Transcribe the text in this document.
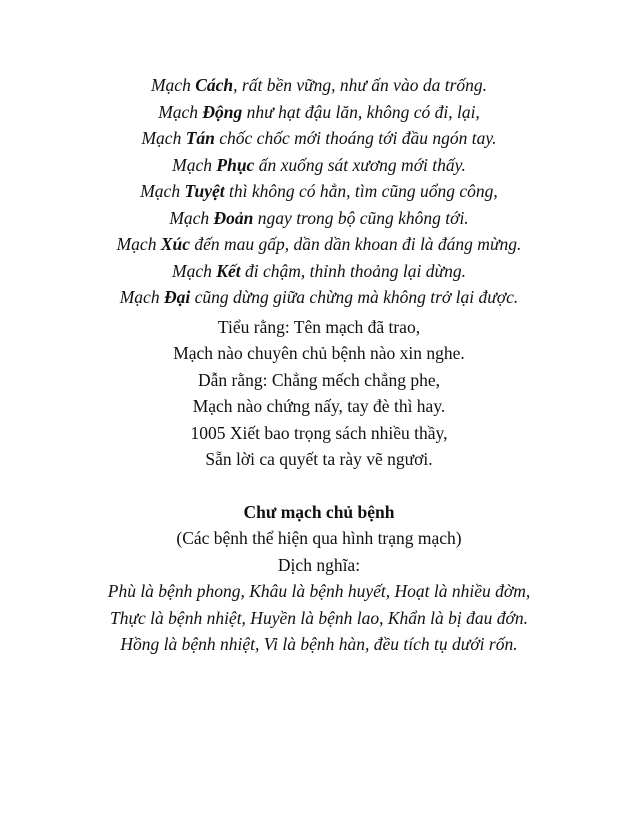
Mạch Cách, rất bền vững, như ấn vào da trống.
Mạch Động như hạt đậu lăn, không có đi, lại,
Mạch Tán chốc chốc mới thoáng tới đầu ngón tay.
Mạch Phục ấn xuống sát xương mới thấy.
Mạch Tuyệt thì không có hẳn, tìm cũng uổng công,
Mạch Đoản ngay trong bộ cũng không tới.
Mạch Xúc đến mau gấp, dần dần khoan đi là đáng mừng.
Mạch Kết đi chậm, thỉnh thoảng lại dừng.
Mạch Đại cũng dừng giữa chừng mà không trở lại được.
Tiểu rằng: Tên mạch đã trao,
Mạch nào chuyên chủ bệnh nào xin nghe.
Dẫn rằng: Chẳng mếch chẳng phe,
Mạch nào chứng nấy, tay đè thì hay.
1005 Xiết bao trọng sách nhiều thầy,
Sẵn lời ca quyết ta rày vẽ ngươi.
Chư mạch chủ bệnh
(Các bệnh thể hiện qua hình trạng mạch)
Dịch nghĩa:
Phù là bệnh phong, Khâu là bệnh huyết, Hoạt là nhiều đờm,
Thực là bệnh nhiệt, Huyền là bệnh lao, Khẩn là bị đau đớn.
Hồng là bệnh nhiệt, Vi là bệnh hàn, đều tích tụ dưới rốn.
